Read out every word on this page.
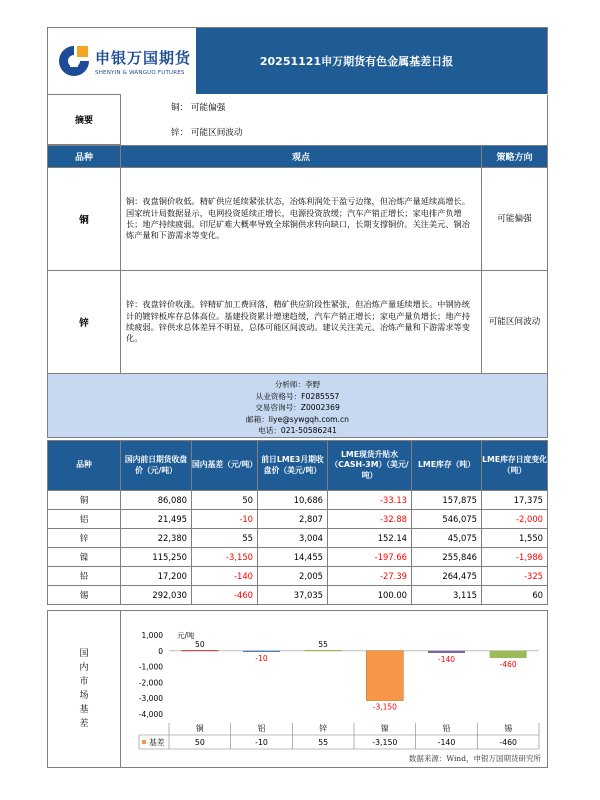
申银万国期货
SHENYIN & WANGUO FUTURES
20251121申万期货有色金属基差日报
摘要	铜： 可能偏强
锌： 可能区间波动
品种	观点	策略方向
铜	铜：夜盘铜价收低。精矿供应延续紧张状态，冶炼利润处于盈亏边缘，但冶炼产量延续高增长。国家统计局数据显示，电网投资延续正增长，电源投资放缓；汽车产销正增长；家电排产负增长；地产持续疲弱。印尼矿难大概率导致全球铜供求转向缺口，长期支撑铜价。关注美元、铜冶炼产量和下游需求等变化。	可能偏强
锌	锌：夜盘锌价收涨。锌精矿加工费回落，精矿供应阶段性紧张，但冶炼产量延续增长。中钢协统计的镀锌板库存总体高位。基建投资累计增速趋缓，汽车产销正增长；家电产量负增长；地产持续疲弱。锌供求总体差异不明显，总体可能区间波动。建议关注美元、冶炼产量和下游需求等变化。	可能区间波动

分析师：李野
从业资格号：F0285557
交易咨询号：Z0002369
邮箱：liye@sywgqh.com.cn
电话：021-50586241		
品种	国内前日期货收盘价（元/吨）	国内基差（元/吨）	前日LME3月期收盘价（美元/吨）	LME现货升贴水（CASH-3M）（美元/吨）	LME库存（吨）	LME库存日度变化（吨）
铜	86,080	50	10,686	-33.13	157,875	17,375
铝	21,495	-10	2,807	-32.88	546,075	-2,000
锌	22,380	55	3,004	152.14	45,075	1,550
镍	115,250	-3,150	14,455	-197.66	255,846	-1,986
铅	17,200	-140	2,005	-27.39	264,475	-325
锡	292,030	-460	37,035	100.00	3,115	60
国
内
市
场
基
差
1,000
0
-1,000
-2,000
-3,000
-4,000
元/吨
50
-10
55
-3,150
-140
-460
铜
50
铝
-10
锌
55
镍
-3,150
铅
-140
锡
-460
基差
数据来源：Wind，申银万国期货研究所
